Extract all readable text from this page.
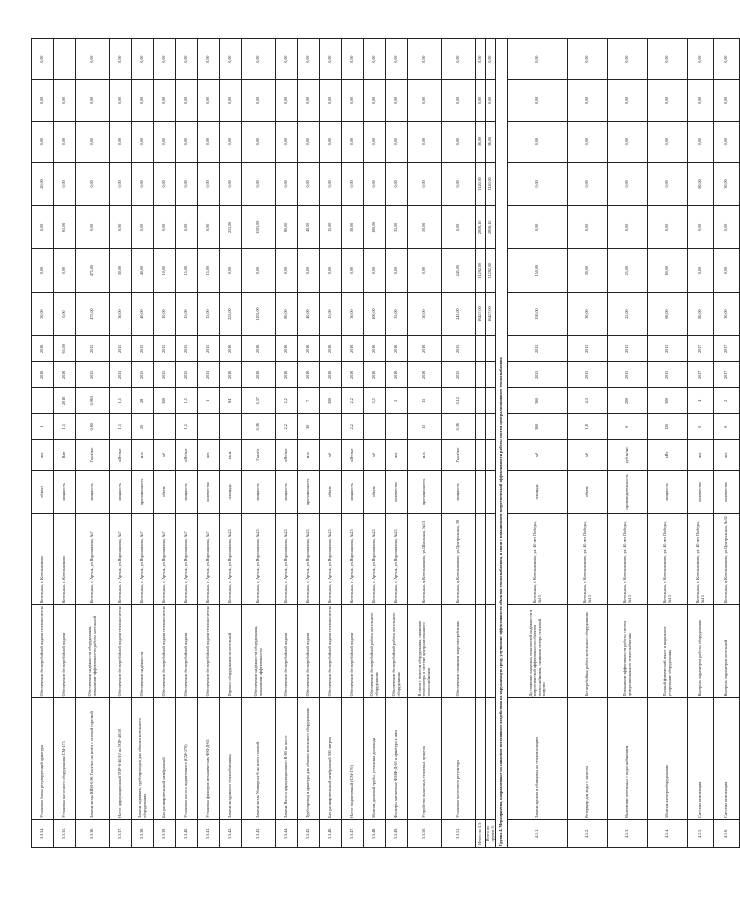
3.3.34.	Установка блока регулирующей арматуры	Обеспечение бесперебойной подачи теплоносителя	Котельная, г. Котельниково	объект	шт.	1		2016	2016	50,00	0,00	0,00	20,00	0,00	0,00	0,00
3.3.35.	Установка насосного оборудования СМ-175	Обеспечение бесперебойной подачи	Котельная, г. Котельниково	мощность	Квт	1,5	2016	2016	65,00	0,00	0,00	65,00	0,00	0,00	0,00	
3.3.36.	Замена котла КВМ-0,96 Гкал/час на котёл с газовой горелкой	Обеспечение надёжности оборудования, повышение эффективности работы котельной	Котельная, г. Артык, ул.Ворошилова, №7	мощность	Гкал/час	0,80	0,963	2015	2015	475,00	475,00	0,00	0,00	0,00	0,00	0,00
3.3.37.	Насос циркуляционный ТОР-S-40/10 на ТОР-40/10	Обеспечение бесперебойной подачи теплоносителя	Котельная, г. Артык, ул.Ворошилова, №7	мощность	кВт/час	1,5	1,5	2015	2015	30,00	30,00	0,00	0,00	0,00	0,00	0,00
3.3.38.	Замена задвижек, трубопроводов для обвязки котельного оборудования	Обеспечение надёжности	Котельная, г. Артык, ул.Ворошилова, №7	протяженность	м.п.	20	28	2015	2015	40,00	40,00	0,00	0,00	0,00	0,00	0,00
3.3.39.	Бак расширительный мембранный	Обеспечение бесперебойной подачи теплоносителя	Котельная, г. Артык, ул.Ворошилова, №7	объем	м³		300	2015	2015	10,00	10,00	0,00	0,00	0,00	0,00	0,00
3.3.40.	Установка насоса подпиточного (СМ-170)	Обеспечение бесперебойной подачи	Котельная, г. Артык, ул.Ворошилова, №7	мощность	кВт/час	1,5	1,5	2015	2015	15,00	15,00	0,00	0,00	0,00	0,00	0,00
3.3.41.	Установка фильтров механических ФМ-Д-65	Обеспечение бесперебойной подачи теплоносителя	Котельная, г. Артык, ул.Ворошилова, №7	количество	шт.		1	2015	2015	15,00	15,00	0,00	0,00	0,00	0,00	0,00
3.3.42.	Замена воздушного теплообменника	Перенос оборудования из котельной	Котельная, г. Артык, ул.Ворошилова, №25	площадь	кв.м.		84	2016	2016	255,00	0,00	255,00	0,00	0,00	0,00	0,00
3.3.43.	Замена котла Универсал-6 на котел газовый	Обеспечение надёжности оборудования, повышение эффективности	Котельная, г. Артык, ул.Ворошилова, №25	мощность	Гкал/ч	0,36	0,37	2016	2016	1105,00	0,00	1105,00	0,00	0,00	0,00	0,00
3.3.44.	Замена Насоса циркуляционного К-80 на насос	Обеспечение бесперебойной подачи	Котельная, г. Артык, ул.Ворошилова, №25	мощность	кВт/час	2,2	2,2	2016	2016	80,00	0,00	80,00	0,00	0,00	0,00	0,00
3.3.45.	Трубопровод и арматура для обвязки котельного оборудования	Обеспечение бесперебойной подачи	Котельная, г. Артык, ул.Ворошилова, №25	протяженность	м.п.	30	7	2016	2016	40,00	0,00	40,00	0,00	0,00	0,00	0,00
3.3.46.	Бак расширительный мембранный 300 литров	Обеспечение бесперебойной подачи теплоносителя	Котельная, г. Артык, ул.Ворошилова, №25	объем	м³		300	2016	2016	15,00	0,00	15,00	0,00	0,00	0,00	0,00
3.3.47.	Насос подпиточный (СМ-170)	Обеспечение бесперебойной подачи	Котельная, г. Артык, ул.Ворошилова, №25	мощность	кВт/час	2,2	2,2	2016	2016	30,00	0,00	30,00	0,00	0,00	0,00	0,00
3.3.48.	Монтаж дымовой трубы, установка дымохода	Обеспечение бесперебойной работы котельного оборудования	Котельная, г. Артык, ул.Ворошилова, №25	объем	м³		5,5	2016	2016	100,00	0,00	100,00	0,00	0,00	0,00	0,00
3.3.49.	Фильтры магнитные ФМФ-Д-65 и арматура к ним	Обеспечение бесперебойной работы котельного оборудования	Котельная, г. Артык, ул.Ворошилова, №25	количество	шт.		2	2016	2016	35,00	0,00	35,00	0,00	0,00	0,00	0,00
3.3.50.	Устройство выносных тепловых пунктов	В связи с износом оборудования, снижение теплопотерь в системе централизованного теплоснабжения	Котельная, п.Котельниково, ул.Школьная, №13	протяженность	м.п.	15	15	2016	2016	50,00	0,00	50,00	0,00	0,00	0,00	0,00
3.3.51.	Установка частотного регулятора	Обеспечение снижения энергопотребления	Котельная, п.Котельниково, ул.Центральная, 38	мощность	Гкал/час	0,36	0,12	2015	2015	245,00	245,00	0,00	0,00	0,00	0,00	0,00
Итого по 3.3:										16457,00	11292,00	2856,10	1120,00	36,00	0,00	0,00
Всего по группе 3:										16457,00	11292,00	2856,10	1120,00	36,00	0,00	0,00
Группа 4. Мероприятия, направленные на снижение негативного воздействия на окружающую среду, улучшение эффективности объектов теплоснабжения, в связи с повышением энергетической эффективности работы систем централизованного теплоснабжения																
4.1.1.	Замена кровли и облицовка на теплоизоляцию	Достижение плановых показателей надёжности и энергетической эффективности объектов теплоснабжения, снижение потерь тепловой энергии	Котельная, г. Котельниково, ул. 40 лет Победы, №15	площадь	м²	360	360	2015	2015	150,00	150,00	0,00	0,00	0,00	0,00	0,00
4.1.2.	Резервуар для воды с запасом	Бесперебойная работа котельного оборудования	Котельная, г. Котельниково, ул. 40 лет Победы, №15	объем	м³	1,8	4,3	2015	2015	30,00	30,00	0,00	0,00	0,00	0,00	0,00
4.1.3.	Включение котельных с водоснабжением	Повышение эффективности работы систем централизованного теплоснабжения	Котельная, г. Котельниково, ул. 40 лет Победы, №15	производительность	куб.м/час	0	200	2015	2015	25,00	25,00	0,00	0,00	0,00	0,00	0,00
4.1.4.	Монтаж электрооборудования	Полный физический износ и моральное устаревание оборудования	Котельная, г. Котельниково, ул. 40 лет Победы, №15	мощность	кВт	120	300	2015	2015	60,00	60,00	0,00	0,00	0,00	0,00	0,00
4.1.5.	Система вентиляции	Контроль параметров работы оборудования	Котельная, г. Котельниково, ул. 40 лет Победы, №15	количество	шт.	0	4	2017	2017	80,00	0,00	0,00	80,00	0,00	0,00	0,00
4.1.6.	Система вентиляции	Контроль параметров котельной	Котельная, п.Котельниково, ул.Центральная, №32	количество	шт.	0	2	2017	2017	30,00	0,00	0,00	30,00	0,00	0,00	0,00
